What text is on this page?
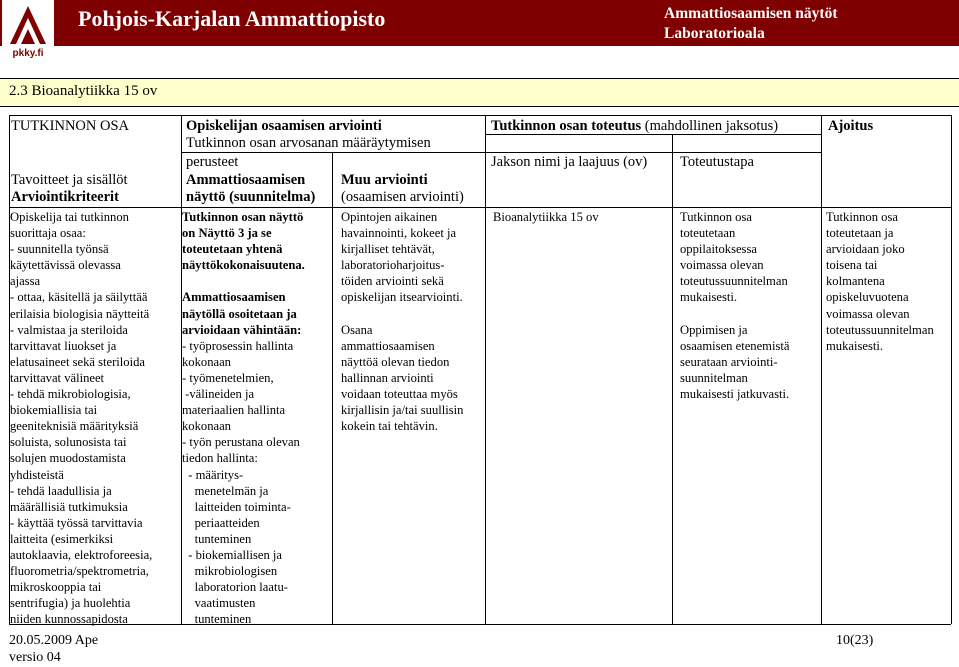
pkky.fi
Pohjois-Karjalan Ammattiopisto	Ammattiosaamisen näytöt
Laboratorioala
2.3 Bioanalytiikka 15 ov
TUTKINNON OSA
Tavoitteet ja sisällöt
Arviointikriteerit
Opiskelijan osaamisen arviointi
Tutkinnon osan arvosanan määräytymisen
perusteet
Ammattiosaamisen
näyttö (suunnitelma)
Muu arviointi
(osaamisen arviointi)
Tutkinnon osan toteutus (mahdollinen jaksotus)
Jakson nimi ja laajuus (ov) Toteutustapa
Ajoitus
Opiskelija tai tutkinnon
suorittaja osaa:
- suunnitella työnsä
käytettävissä olevassa
ajassa
- ottaa, käsitellä ja säilyttää
erilaisia biologisia näytteitä
- valmistaa ja steriloida
tarvittavat liuokset ja
elatusaineet sekä steriloida
tarvittavat välineet
- tehdä mikrobiologisia,
biokemiallisia tai
geeniteknisiä määrityksiä
soluista, solunosista tai
solujen muodostamista
yhdisteistä
- tehdä laadullisia ja
määrällisiä tutkimuksia
- käyttää työssä tarvittavia
laitteita (esimerkiksi
autoklaavia, elektroforeesia,
fluorometria/spektrometria,
mikroskooppia tai
sentrifugia) ja huolehtia
niiden kunnossapidosta
Tutkinnon osan näyttö
on Näyttö 3 ja se
toteutetaan yhtenä
näyttökokonaisuutena.
Ammattiosaamisen
näytöllä osoitetaan ja
arvioidaan vähintään:
- työprosessin hallinta
kokonaan
- työmenetelmien,
-välineiden ja
materiaalien hallinta
kokonaan
- työn perustana olevan
tiedon hallinta:
- määritys-
menetelmän ja
laitteiden toiminta-
periaatteiden
tunteminen
- biokemiallisen ja
mikrobiologisen
laboratorion laatu-
vaatimusten
tunteminen
Opintojen aikainen
havainnointi, kokeet ja
kirjalliset tehtävät,
laboratorioharjoitus-
töiden arviointi sekä
opiskelijan itsearviointi.
Osana
ammattiosaamisen
näyttöä olevan tiedon
hallinnan arviointi
voidaan toteuttaa myös
kirjallisin ja/tai suullisin
kokein tai tehtävin.
Bioanalytiikka 15 ov	Tutkinnon osa
toteutetaan
oppilaitoksessa
voimassa olevan
toteutussuunnitelman
mukaisesti.
Oppimisen ja
osaamisen etenemistä
seurataan arviointi-
suunnitelman
mukaisesti jatkuvasti.
Tutkinnon osa
toteutetaan ja
arvioidaan joko
toisena tai
kolmantena
opiskeluvuotena
voimassa olevan
toteutussuunnitelman
mukaisesti.
20.05.2009 Ape
versio 04
10(23)
